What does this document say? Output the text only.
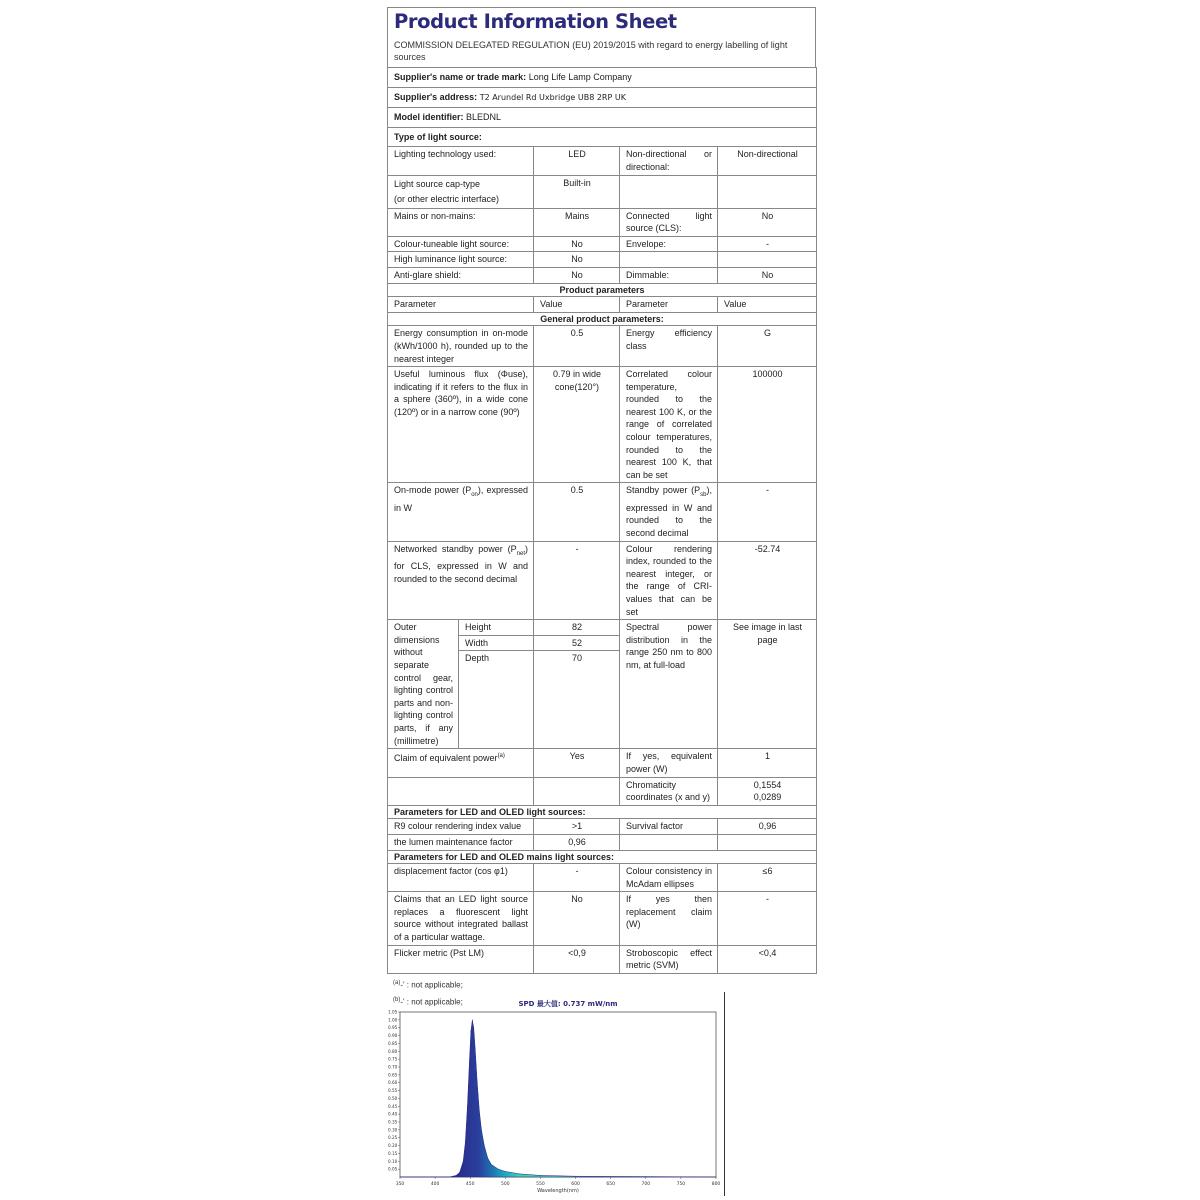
Product Information Sheet
COMMISSION DELEGATED REGULATION (EU) 2019/2015 with regard to energy labelling of light sources
Supplier's name or trade mark: Long Life Lamp Company				
Supplier's address: T2 Arundel Rd Uxbridge UB8 2RP UK				
Model identifier: BLEDNL				
Type of light source:				
Lighting technology used:		LED	Non-directional or directional:	Non-directional
Light source cap-type
(or other electric interface)		Built-in		
Mains or non-mains:		Mains	Connected light source (CLS):	No
Colour-tuneable light source:		No	Envelope:	-
High luminance light source:		No		
Anti-glare shield:		No	Dimmable:	No
Product parameters				
Parameter		Value	Parameter	Value
General product parameters:				
Energy consumption in on-mode (kWh/1000 h), rounded up to the nearest integer		0.5	Energy efficiency class	G
Useful luminous flux (Φuse), indicating if it refers to the flux in a sphere (360º), in a wide cone (120º) or in a narrow cone (90º)		0.79 in wide cone(120°)	Correlated colour temperature, rounded to the nearest 100 K, or the range of correlated colour temperatures, rounded to the nearest 100 K, that can be set	100000
On-mode power $(P_{on})$, expressed in W		0.5	Standby power $(P_{sb})$, expressed in W and rounded to the second decimal	-
Networked standby power $(P_{net})$ for CLS, expressed in W and rounded to the second decimal		-	Colour rendering index, rounded to the nearest integer, or the range of CRI-values that can be set	-52.74
Outer dimensions without separate control gear, lighting control parts and non-lighting control parts, if any (millimetre)	Height	82	Spectral power distribution in the range 250 nm to 800 nm, at full-load	See image in last page
	Width	52		
	Depth	70		
Claim of equivalent power$^{(a)}$		Yes	If yes, equivalent power (W)	1
			Chromaticity coordinates (x and y)	0,1554
0,0289
Parameters for LED and OLED light sources:				
R9 colour rendering index value		>1	Survival factor	0,96
the lumen maintenance factor		0,96		
Parameters for LED and OLED mains light sources:				
displacement factor (cos φ1)		-	Colour consistency in McAdam ellipses	≤6
Claims that an LED light source replaces a fluorescent light source without integrated ballast of a particular wattage.		No	If yes then replacement claim (W)	-
Flicker metric (Pst LM)		<0,9	Stroboscopic effect metric (SVM)	<0,4
$^{(a)}$-' : not applicable;
$^{(b)}$-' : not applicable;	SPD 最大值: 0.737 mW/nm
350	400	450	500	550	600	650	700	750	800
0.05
0.10
0.15
0.20
0.25
0.30
0.35
0.40
0.45
0.50
0.55
0.60
0.65
0.70
0.75
0.80
0.85
0.90
0.95
1.00
1.05
Wavelength(nm)
